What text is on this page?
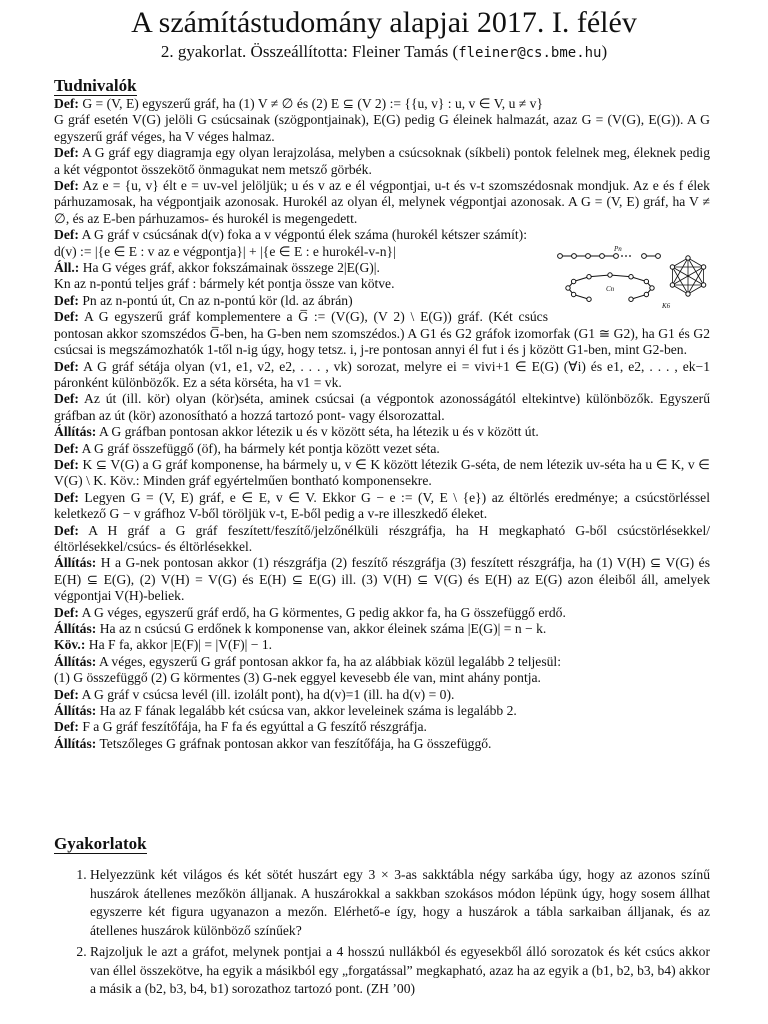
A számítástudomány alapjai 2017. I. félév
2. gyakorlat. Összeállította: Fleiner Tamás (fleiner@cs.bme.hu)
Tudnivalók

Def: G = (V, E) egyszerű gráf, ha (1) V ≠ ∅ és (2) E ⊆ (V 2) := {{u, v} : u, v ∈ V, u ≠ v}

G gráf esetén V(G) jelöli G csúcsainak (szögpontjainak), E(G) pedig G éleinek halmazát, azaz G = (V(G), E(G)). A G egyszerű gráf véges, ha V véges halmaz.

Def: A G gráf egy diagramja egy olyan lerajzolása, melyben a csúcsoknak (síkbeli) pontok felelnek meg, éleknek pedig a két végpontot összekötő önmagukat nem metsző görbék.

Def: Az e = {u, v} élt e = uv-vel jelöljük; u és v az e él végpontjai, u-t és v-t szomszédosnak mondjuk. Az e és f élek párhuzamosak, ha végpontjaik azonosak. Hurokél az olyan él, melynek végpontjai azonosak. A G = (V, E) gráf, ha V ≠ ∅, és az E-ben párhuzamos- és hurokél is megengedett.

Def: A G gráf v csúcsának d(v) foka a v végpontú élek száma (hurokél kétszer számít):

Pn
Cn
K6

d(v) := |{e ∈ E : v az e végpontja}| + |{e ∈ E : e hurokél-v-n}|

Áll.: Ha G véges gráf, akkor fokszámainak összege 2|E(G)|.

Kn az n-pontú teljes gráf : bármely két pontja össze van kötve.

Def: Pn az n-pontú út, Cn az n-pontú kör (ld. az ábrán)

Def: A G egyszerű gráf komplementere a G̅ := (V(G), (V 2) \ E(G)) gráf. (Két csúcs pontosan akkor szomszédos G̅-ben, ha G-ben nem szomszédos.) A G1 és G2 gráfok izomorfak (G1 ≅ G2), ha G1 és G2 csúcsai is megszámozhatók 1-től n-ig úgy, hogy tetsz. i, j-re pontosan annyi él fut i és j között G1-ben, mint G2-ben.

Def: A G gráf sétája olyan (v1, e1, v2, e2, . . . , vk) sorozat, melyre ei = vivi+1 ∈ E(G) (∀i) és e1, e2, . . . , ek−1 páronként különbözők. Ez a séta körséta, ha v1 = vk.

Def: Az út (ill. kör) olyan (kör)séta, aminek csúcsai (a végpontok azonosságától eltekintve) különbözők. Egyszerű gráfban az út (kör) azonosítható a hozzá tartozó pont- vagy élsorozattal.

Állítás: A G gráfban pontosan akkor létezik u és v között séta, ha létezik u és v között út.

Def: A G gráf összefüggő (öf), ha bármely két pontja között vezet séta.

Def: K ⊆ V(G) a G gráf komponense, ha bármely u, v ∈ K között létezik G-séta, de nem létezik uv-séta ha u ∈ K, v ∈ V(G) \ K. Köv.: Minden gráf egyértelműen bontható komponensekre.

Def: Legyen G = (V, E) gráf, e ∈ E, v ∈ V. Ekkor G − e := (V, E \ {e}) az éltörlés eredménye; a csúcstörléssel keletkező G − v gráfhoz V-ből töröljük v-t, E-ből pedig a v-re illeszkedő éleket.

Def: A H gráf a G gráf feszített/feszítő/jelzőnélküli részgráfja, ha H megkapható G-ből csúcstörlésekkel/éltörlésekkel/csúcs- és éltörlésekkel.

Állítás: H a G-nek pontosan akkor (1) részgráfja (2) feszítő részgráfja (3) feszített részgráfja, ha (1) V(H) ⊆ V(G) és E(H) ⊆ E(G), (2) V(H) = V(G) és E(H) ⊆ E(G) ill. (3) V(H) ⊆ V(G) és E(H) az E(G) azon éleiből áll, amelyek végpontjai V(H)-beliek.

Def: A G véges, egyszerű gráf erdő, ha G körmentes, G pedig akkor fa, ha G összefüggő erdő.

Állítás: Ha az n csúcsú G erdőnek k komponense van, akkor éleinek száma |E(G)| = n − k.

Köv.: Ha F fa, akkor |E(F)| = |V(F)| − 1.

Állítás: A véges, egyszerű G gráf pontosan akkor fa, ha az alábbiak közül legalább 2 teljesül:

(1) G összefüggő (2) G körmentes (3) G-nek eggyel kevesebb éle van, mint ahány pontja.

Def: A G gráf v csúcsa levél (ill. izolált pont), ha d(v)=1 (ill. ha d(v) = 0).

Állítás: Ha az F fának legalább két csúcsa van, akkor leveleinek száma is legalább 2.

Def: F a G gráf feszítőfája, ha F fa és egyúttal a G feszítő részgráfja.

Állítás: Tetszőleges G gráfnak pontosan akkor van feszítőfája, ha G összefüggő.

Gyakorlatok
1. Helyezzünk két világos és két sötét huszárt egy 3 × 3-as sakktábla négy sarkába úgy, hogy az azonos színű huszárok átellenes mezőkön álljanak. A huszárokkal a sakkban szokásos módon lépünk úgy, hogy sosem állhat egyszerre két figura ugyanazon a mezőn. Elérhető-e így, hogy a huszárok a tábla sarkaiban álljanak, és az átellenes huszárok különböző színűek?
2. Rajzoljuk le azt a gráfot, melynek pontjai a 4 hosszú nullákból és egyesekből álló sorozatok és két csúcs akkor van éllel összekötve, ha egyik a másikból egy „forgatással” megkapható, azaz ha az egyik a (b1, b2, b3, b4) akkor a másik a (b2, b3, b4, b1) sorozathoz tartozó pont. (ZH ’00)
